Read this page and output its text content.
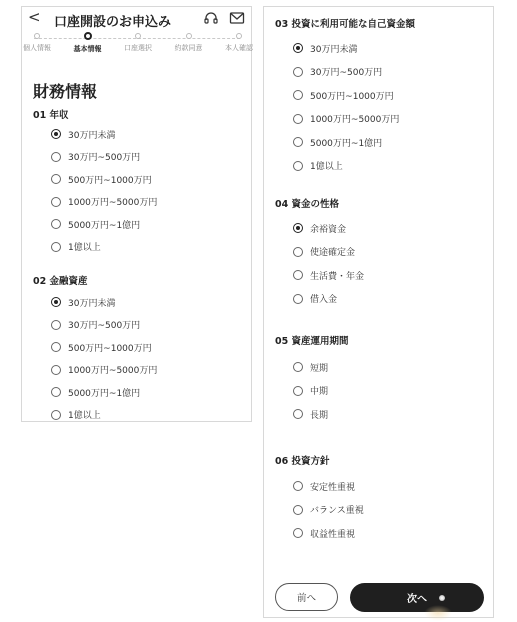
< 口座開設のお申込み
個人情報	基本情報	口座選択	約款同意	本人確認
財務情報
01 年収
30万円未満
30万円~500万円
500万円~1000万円
1000万円~5000万円
5000万円~1億円
1億以上
02 金融資産
30万円未満
30万円~500万円
500万円~1000万円
1000万円~5000万円
5000万円~1億円
1億以上
03 投資に利用可能な自己資金額
30万円未満
30万円~500万円
500万円~1000万円
1000万円~5000万円
5000万円~1億円
1億以上
04 資金の性格
余裕資金
使途確定金
生活費・年金
借入金
05 資産運用期間
短期
中期
長期
06 投資方針
安定性重視
バランス重視
収益性重視
前へ	次へ
